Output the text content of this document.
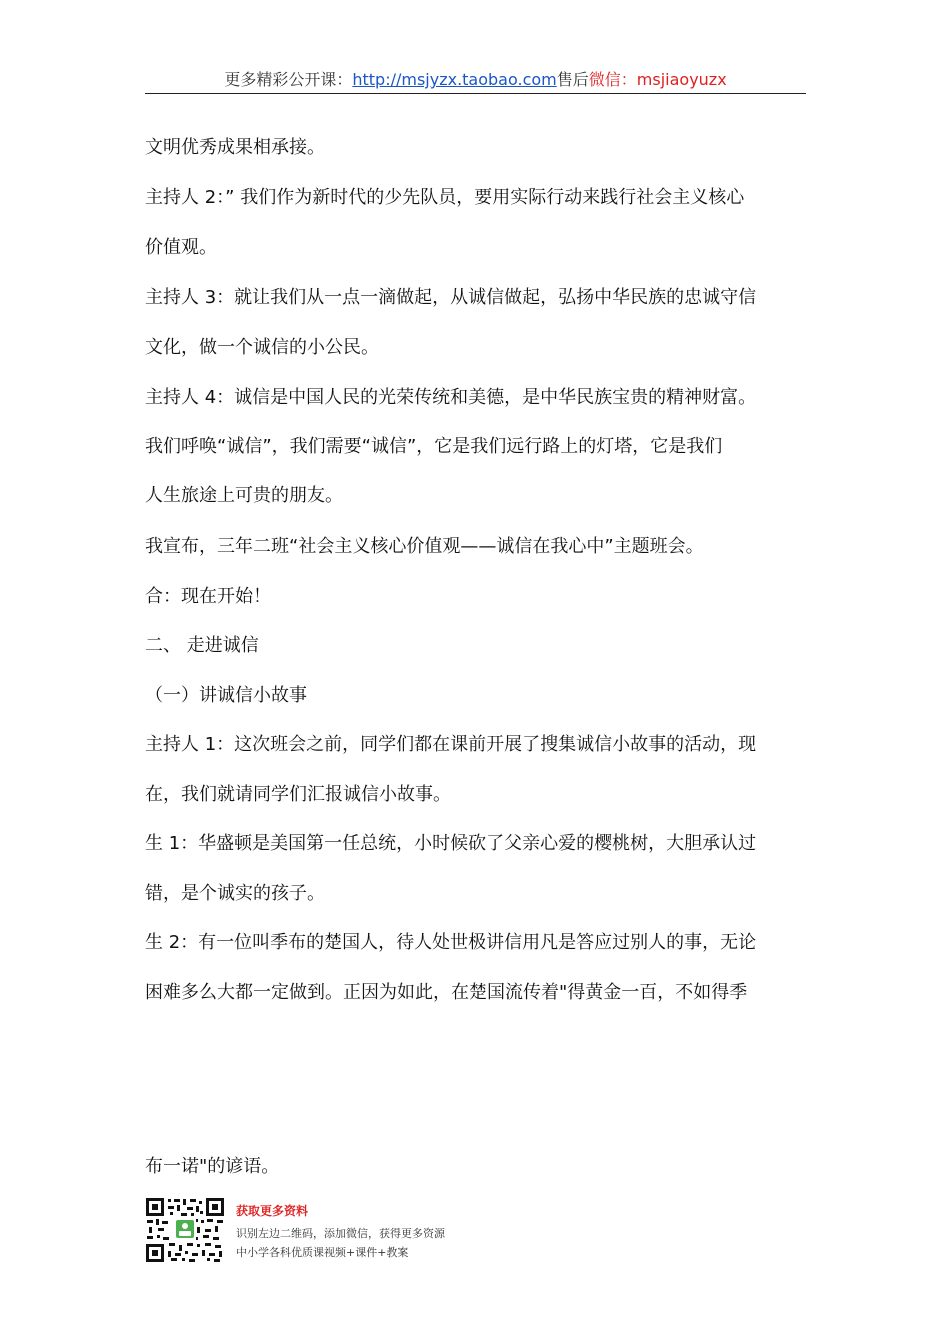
更多精彩公开课：http://msjyzx.taobao.com售后微信：msjiaoyuzx
文明优秀成果相承接。
主持人 2：” 我们作为新时代的少先队员，要用实际行动来践行社会主义核心
价值观。
主持人 3：就让我们从一点一滴做起，从诚信做起，弘扬中华民族的忠诚守信
文化，做一个诚信的小公民。
主持人 4：诚信是中国人民的光荣传统和美德，是中华民族宝贵的精神财富。
我们呼唤“诚信”，我们需要“诚信”，它是我们远行路上的灯塔，它是我们
人生旅途上可贵的朋友。
我宣布，三年二班“社会主义核心价值观——诚信在我心中”主题班会。
合：现在开始！
二、 走进诚信
（一）讲诚信小故事
主持人 1：这次班会之前，同学们都在课前开展了搜集诚信小故事的活动，现
在，我们就请同学们汇报诚信小故事。
生 1：华盛顿是美国第一任总统，小时候砍了父亲心爱的樱桃树，大胆承认过
错，是个诚实的孩子。
生 2：有一位叫季布的楚国人，待人处世极讲信用凡是答应过别人的事，无论
困难多么大都一定做到。正因为如此，在楚国流传着"得黄金一百，不如得季
布一诺"的谚语。
获取更多资料
识别左边二维码，添加微信，获得更多资源
中小学各科优质课视频+课件+教案
